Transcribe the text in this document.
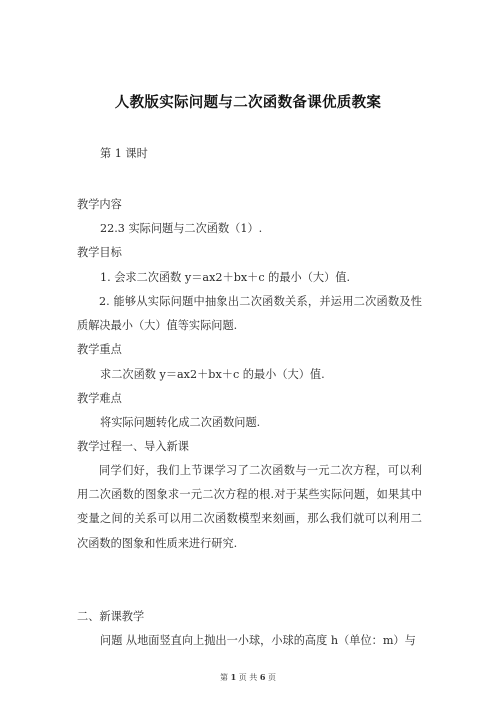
人教版实际问题与二次函数备课优质教案
第 1 课时
教学内容
22.3 实际问题与二次函数（1）.
教学目标
1. 会求二次函数 y＝ax2＋bx＋c 的最小（大）值.
2. 能够从实际问题中抽象出二次函数关系，并运用二次函数及性质解决最小（大）值等实际问题.
教学重点
求二次函数 y＝ax2＋bx＋c 的最小（大）值.
教学难点
将实际问题转化成二次函数问题.
教学过程一、导入新课
同学们好，我们上节课学习了二次函数与一元二次方程，可以利用二次函数的图象求一元二次方程的根.对于某些实际问题，如果其中变量之间的关系可以用二次函数模型来刻画，那么我们就可以利用二次函数的图象和性质来进行研究.
二、新课教学
问题 从地面竖直向上抛出一小球，小球的高度 h（单位：m）与
第 1 页 共 6 页
